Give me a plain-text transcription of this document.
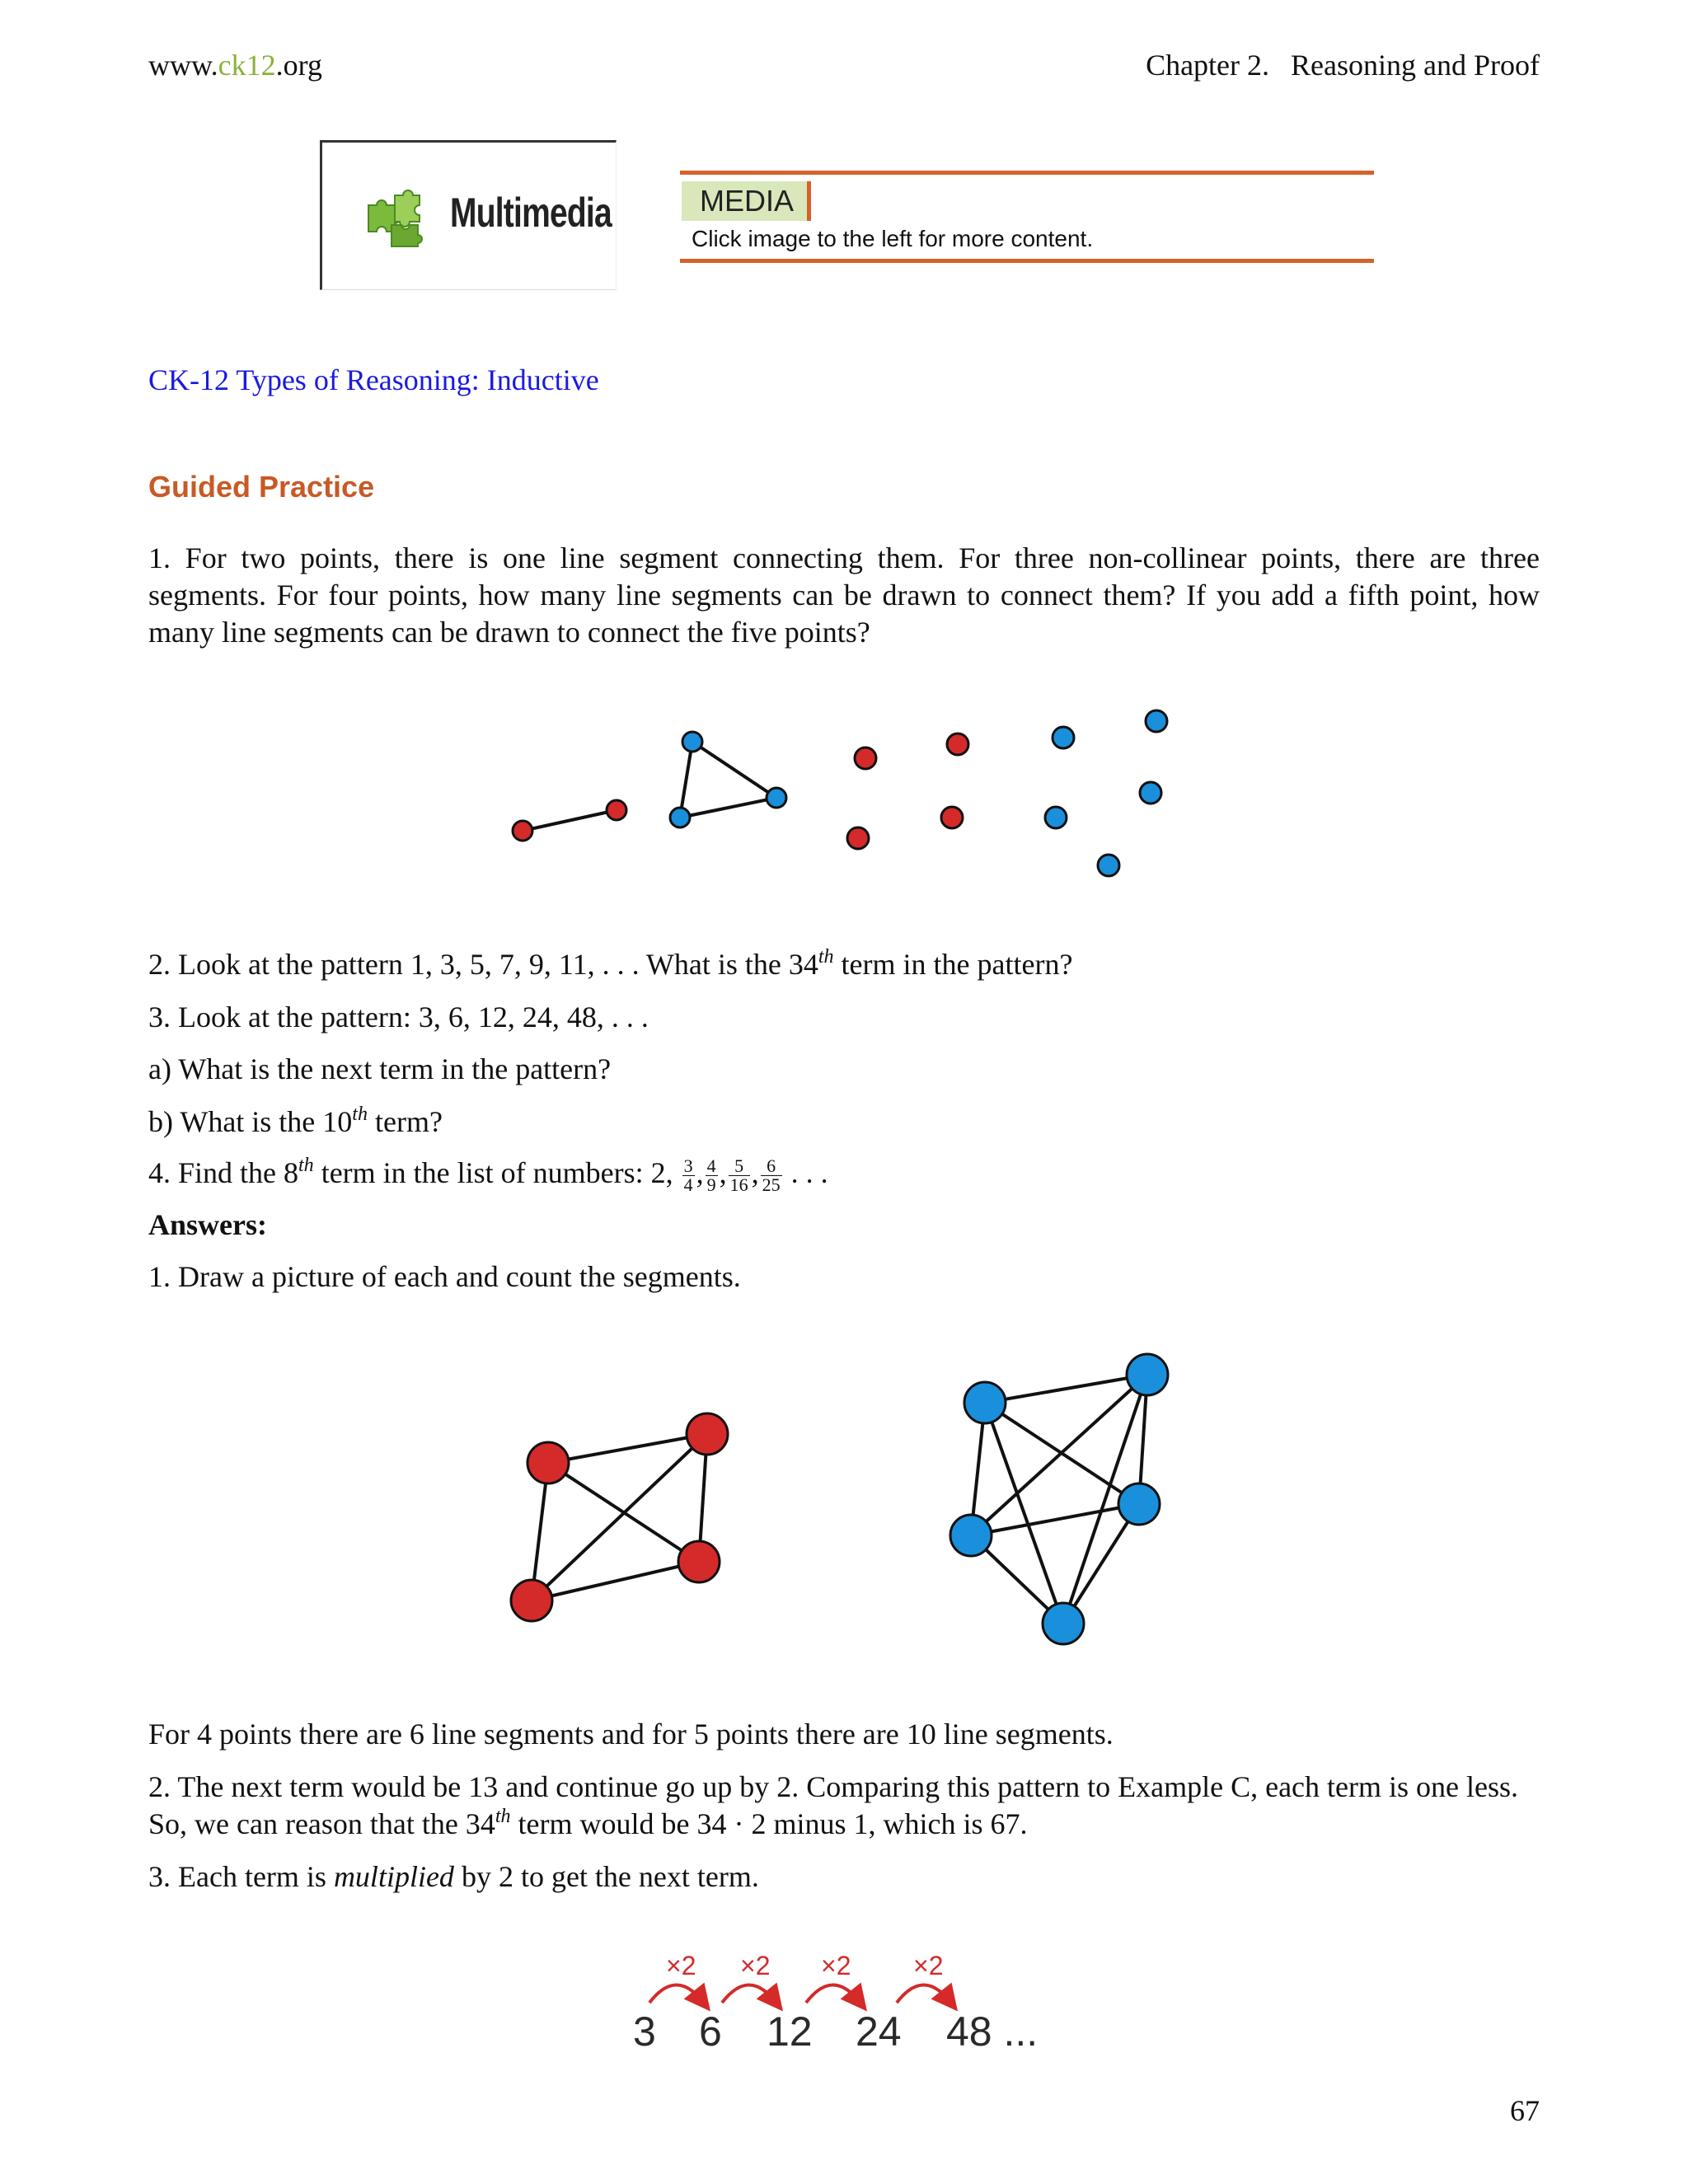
www.ck12.org	Chapter 2. Reasoning and Proof
Multimedia	MEDIA
Click image to the left for more content.
CK-12 Types of Reasoning: Inductive
Guided Practice
1. For two points, there is one line segment connecting them. For three non-collinear points, there are three segments. For four points, how many line segments can be drawn to connect them? If you add a fifth point, how many line segments can be drawn to connect the five points?
2. Look at the pattern 1, 3, 5, 7, 9, 11, . . . What is the 34th term in the pattern?
3. Look at the pattern: 3, 6, 12, 24, 48, . . .
a) What is the next term in the pattern?
b) What is the 10th term?
4. Find the 8th term in the list of numbers: 2, $\frac{3}{4}$ , $\frac{4}{9}$ , $\frac{5}{16}$ , $\frac{6}{25}$ . . .
Answers:
1. Draw a picture of each and count the segments.
For 4 points there are 6 line segments and for 5 points there are 10 line segments.
2. The next term would be 13 and continue go up by 2. Comparing this pattern to Example C, each term is one less.
So, we can reason that the 34th term would be 34 · 2 minus 1, which is 67.
3. Each term is multiplied by 2 to get the next term.
×2 ×2 ×2 ×2
3 6 12 24 48 ...
67
